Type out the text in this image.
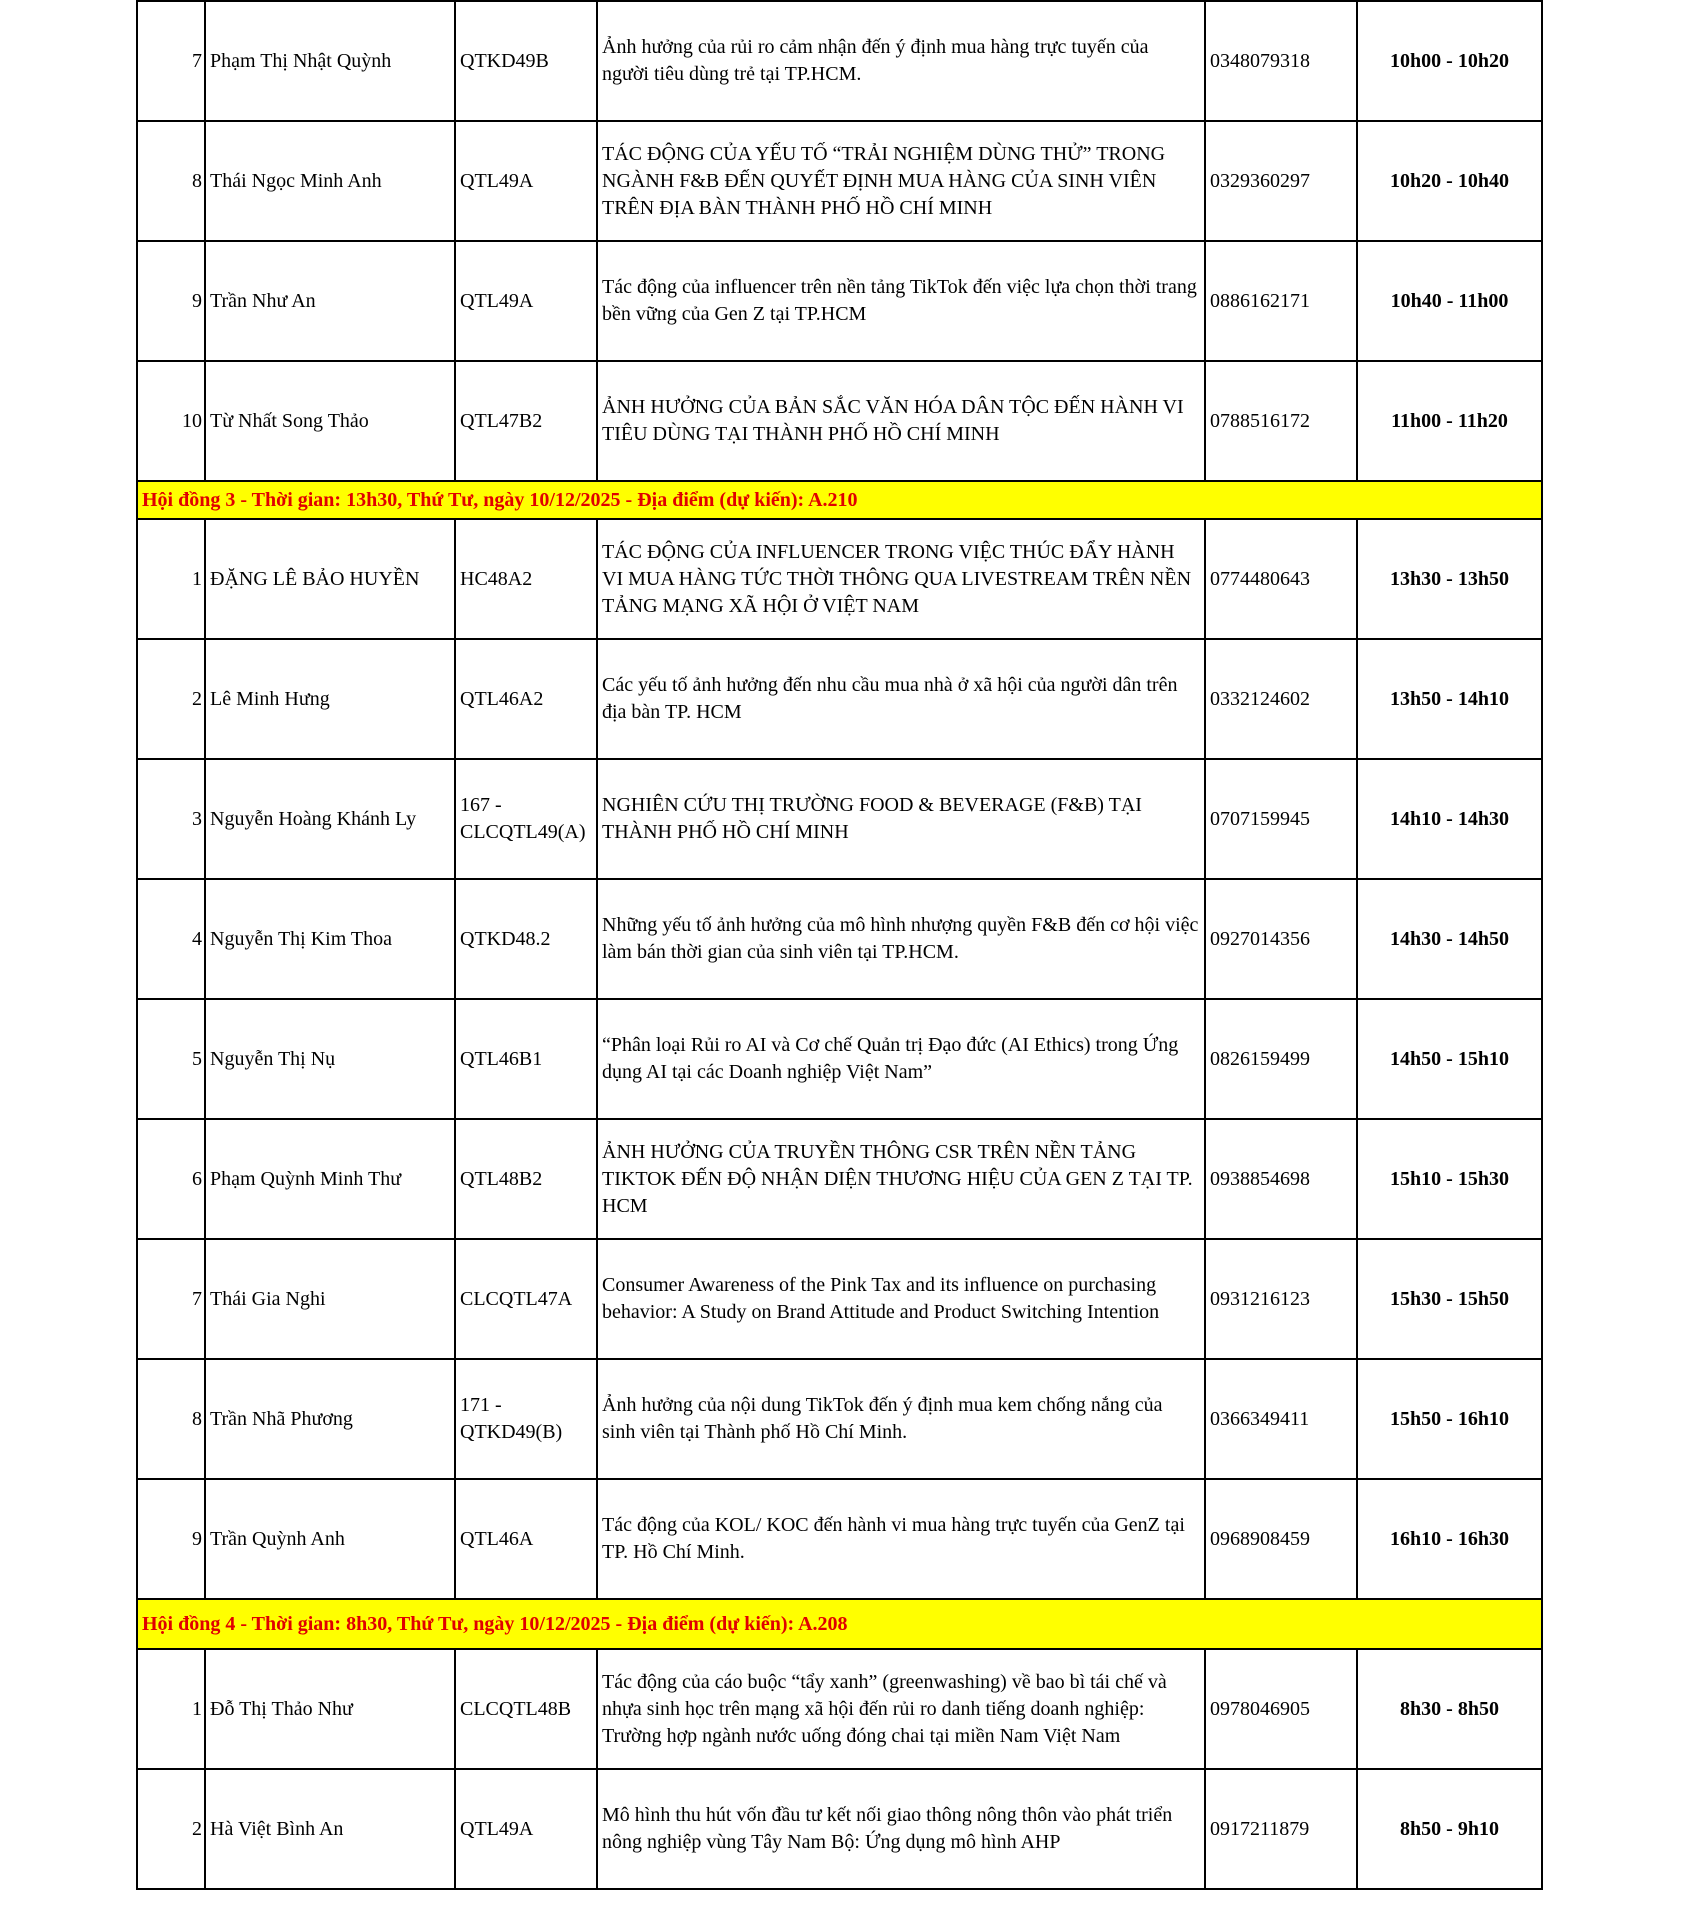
7	Phạm Thị Nhật Quỳnh	QTKD49B	Ảnh hưởng của rủi ro cảm nhận đến ý định mua hàng trực tuyến của người tiêu dùng trẻ tại TP.HCM.	0348079318	10h00 - 10h20
8	Thái Ngọc Minh Anh	QTL49A	TÁC ĐỘNG CỦA YẾU TỐ “TRẢI NGHIỆM DÙNG THỬ” TRONG NGÀNH F&B ĐẾN QUYẾT ĐỊNH MUA HÀNG CỦA SINH VIÊN TRÊN ĐỊA BÀN THÀNH PHỐ HỒ CHÍ MINH	0329360297	10h20 - 10h40
9	Trần Như An	QTL49A	Tác động của influencer trên nền tảng TikTok đến việc lựa chọn thời trang bền vững của Gen Z tại TP.HCM	0886162171	10h40 - 11h00
10	Từ Nhất Song Thảo	QTL47B2	ẢNH HƯỞNG CỦA BẢN SẮC VĂN HÓA DÂN TỘC ĐẾN HÀNH VI TIÊU DÙNG TẠI THÀNH PHỐ HỒ CHÍ MINH	0788516172	11h00 - 11h20
Hội đồng 3 - Thời gian: 13h30, Thứ Tư, ngày 10/12/2025 - Địa điểm (dự kiến): A.210					
1	ĐẶNG LÊ BẢO HUYỀN	HC48A2	TÁC ĐỘNG CỦA INFLUENCER TRONG VIỆC THÚC ĐẨY HÀNH VI MUA HÀNG TỨC THỜI THÔNG QUA LIVESTREAM TRÊN NỀN TẢNG MẠNG XÃ HỘI Ở VIỆT NAM	0774480643	13h30 - 13h50
2	Lê Minh Hưng	QTL46A2	Các yếu tố ảnh hưởng đến nhu cầu mua nhà ở xã hội của người dân trên địa bàn TP. HCM	0332124602	13h50 - 14h10
3	Nguyễn Hoàng Khánh Ly	167 - CLCQTL49(A)	NGHIÊN CỨU THỊ TRƯỜNG FOOD & BEVERAGE (F&B) TẠI THÀNH PHỐ HỒ CHÍ MINH	0707159945	14h10 - 14h30
4	Nguyễn Thị Kim Thoa	QTKD48.2	Những yếu tố ảnh hưởng của mô hình nhượng quyền F&B đến cơ hội việc làm bán thời gian của sinh viên tại TP.HCM.	0927014356	14h30 - 14h50
5	Nguyễn Thị Nụ	QTL46B1	“Phân loại Rủi ro AI và Cơ chế Quản trị Đạo đức (AI Ethics) trong Ứng dụng AI tại các Doanh nghiệp Việt Nam”	0826159499	14h50 - 15h10
6	Phạm Quỳnh Minh Thư	QTL48B2	ẢNH HƯỞNG CỦA TRUYỀN THÔNG CSR TRÊN NỀN TẢNG TIKTOK ĐẾN ĐỘ NHẬN DIỆN THƯƠNG HIỆU CỦA GEN Z TẠI TP. HCM	0938854698	15h10 - 15h30
7	Thái Gia Nghi	CLCQTL47A	Consumer Awareness of the Pink Tax and its influence on purchasing behavior: A Study on Brand Attitude and Product Switching Intention	0931216123	15h30 - 15h50
8	Trần Nhã Phương	171 - QTKD49(B)	Ảnh hưởng của nội dung TikTok đến ý định mua kem chống nắng của sinh viên tại Thành phố Hồ Chí Minh.	0366349411	15h50 - 16h10
9	Trần Quỳnh Anh	QTL46A	Tác động của KOL/ KOC đến hành vi mua hàng trực tuyến của GenZ tại TP. Hồ Chí Minh.	0968908459	16h10 - 16h30
Hội đồng 4 - Thời gian: 8h30, Thứ Tư, ngày 10/12/2025 - Địa điểm (dự kiến): A.208					
1	Đỗ Thị Thảo Như	CLCQTL48B	Tác động của cáo buộc “tẩy xanh” (greenwashing) về bao bì tái chế và nhựa sinh học trên mạng xã hội đến rủi ro danh tiếng doanh nghiệp: Trường hợp ngành nước uống đóng chai tại miền Nam Việt Nam	0978046905	8h30 - 8h50
2	Hà Việt Bình An	QTL49A	Mô hình thu hút vốn đầu tư kết nối giao thông nông thôn vào phát triển nông nghiệp vùng Tây Nam Bộ: Ứng dụng mô hình AHP	0917211879	8h50 - 9h10
